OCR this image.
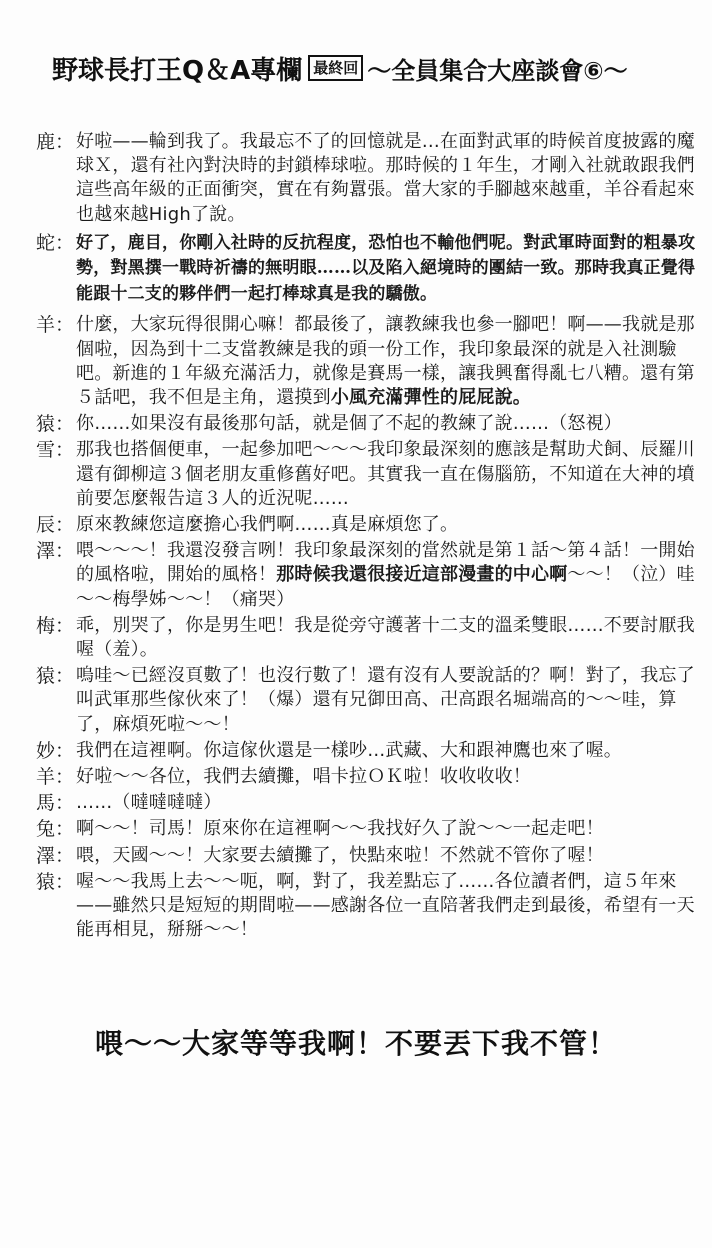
野球長打王Q＆A專欄 最終回 ～全員集合大座談會⑥～
鹿： 好啦——輪到我了。我最忘不了的回憶就是…在面對武軍的時候首度披露的魔球Ｘ，還有社內對決時的封鎖棒球啦。那時候的１年生，才剛入社就敢跟我們這些高年級的正面衝突，實在有夠囂張。當大家的手腳越來越重，羊谷看起來也越來越High了說。
蛇： 好了，鹿目，你剛入社時的反抗程度，恐怕也不輸他們呢。對武軍時面對的粗暴攻勢，對黑撰一戰時祈禱的無明眼……以及陷入絕境時的團結一致。那時我真正覺得能跟十二支的夥伴們一起打棒球真是我的驕傲。
羊： 什麼，大家玩得很開心嘛！都最後了，讓教練我也參一腳吧！啊——我就是那個啦，因為到十二支當教練是我的頭一份工作，我印象最深的就是入社測驗吧。新進的１年級充滿活力，就像是賽馬一樣，讓我興奮得亂七八糟。還有第５話吧，我不但是主角，還摸到小風充滿彈性的屁屁說。
猿： 你……如果沒有最後那句話，就是個了不起的教練了說……（怒視）
雪： 那我也搭個便車，一起參加吧～～～我印象最深刻的應該是幫助犬飼、辰羅川還有御柳這３個老朋友重修舊好吧。其實我一直在傷腦筋，不知道在大神的墳前要怎麼報告這３人的近況呢……
辰： 原來教練您這麼擔心我們啊……真是麻煩您了。
澤： 喂～～～！我還沒發言咧！我印象最深刻的當然就是第１話～第４話！一開始的風格啦，開始的風格！那時候我還很接近這部漫畫的中心啊～～！（泣）哇～～梅學姊～～！（痛哭）
梅： 乖，別哭了，你是男生吧！我是從旁守護著十二支的溫柔雙眼……不要討厭我喔（羞）。
猿： 嗚哇～已經沒頁數了！也沒行數了！還有沒有人要說話的？啊！對了，我忘了叫武軍那些傢伙來了！（爆）還有兄御田高、卍高跟名堀端高的～～哇，算了，麻煩死啦～～！
妙： 我們在這裡啊。你這傢伙還是一樣吵…武藏、大和跟神鷹也來了喔。
羊： 好啦～～各位，我們去續攤，唱卡拉ＯＫ啦！收收收收！
馬： ……（噠噠噠噠）
兔： 啊～～！司馬！原來你在這裡啊～～我找好久了說～～一起走吧！
澤： 喂，天國～～！大家要去續攤了，快點來啦！不然就不管你了喔！
猿： 喔～～我馬上去～～呃，啊，對了，我差點忘了……各位讀者們，這５年來——雖然只是短短的期間啦——感謝各位一直陪著我們走到最後，希望有一天能再相見，掰掰～～！
喂～～大家等等我啊！不要丟下我不管！
